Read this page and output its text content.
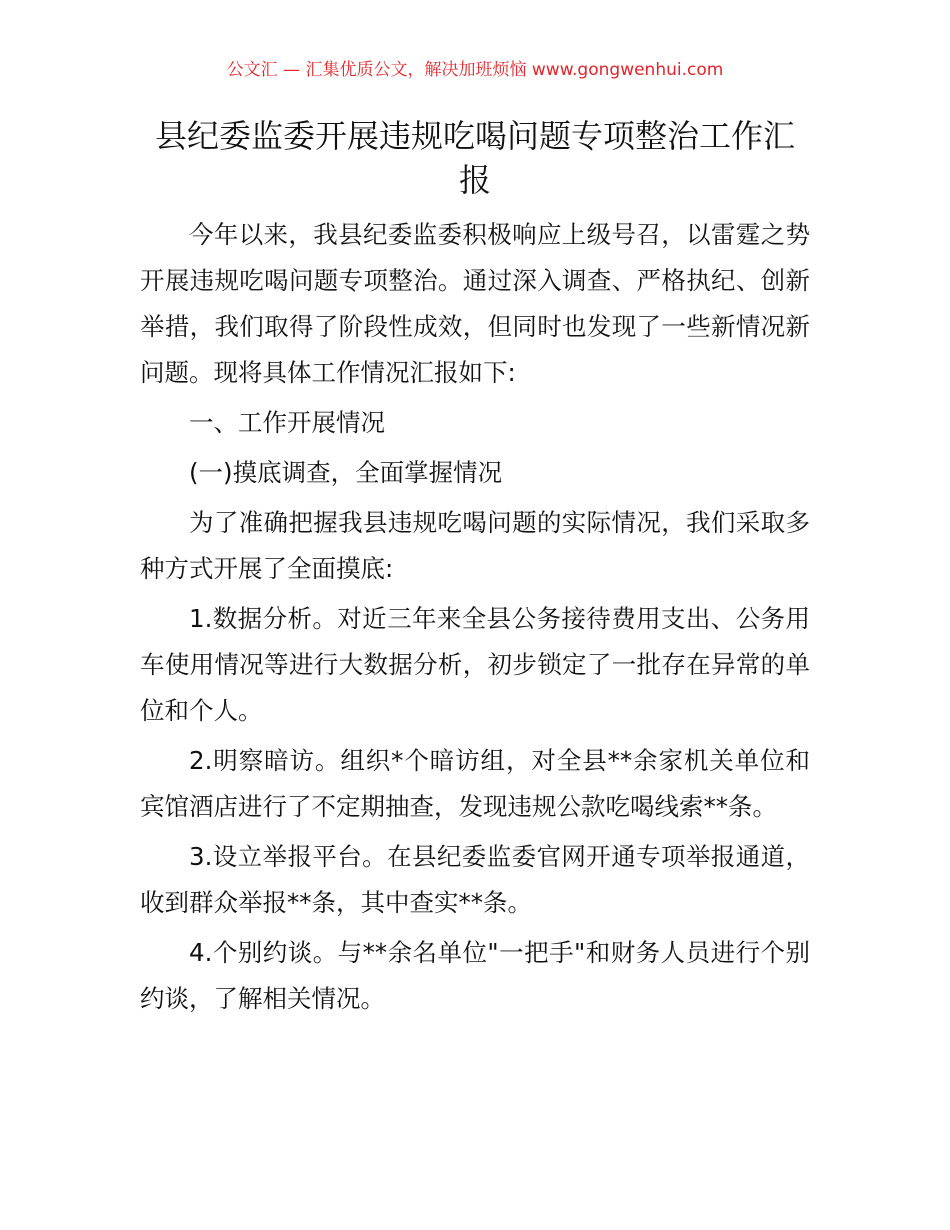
公文汇 — 汇集优质公文，解决加班烦恼 www.gongwenhui.com
县纪委监委开展违规吃喝问题专项整治工作汇
报
今年以来，我县纪委监委积极响应上级号召，以雷霆之势
开展违规吃喝问题专项整治。通过深入调查、严格执纪、创新
举措，我们取得了阶段性成效，但同时也发现了一些新情况新
问题。现将具体工作情况汇报如下:
一、工作开展情况
(一)摸底调查，全面掌握情况
为了准确把握我县违规吃喝问题的实际情况，我们采取多
种方式开展了全面摸底:
1.数据分析。对近三年来全县公务接待费用支出、公务用
车使用情况等进行大数据分析，初步锁定了一批存在异常的单
位和个人。
2.明察暗访。组织*个暗访组，对全县**余家机关单位和
宾馆酒店进行了不定期抽查，发现违规公款吃喝线索**条。
3.设立举报平台。在县纪委监委官网开通专项举报通道，
收到群众举报**条，其中查实**条。
4.个别约谈。与**余名单位"一把手"和财务人员进行个别
约谈，了解相关情况。
